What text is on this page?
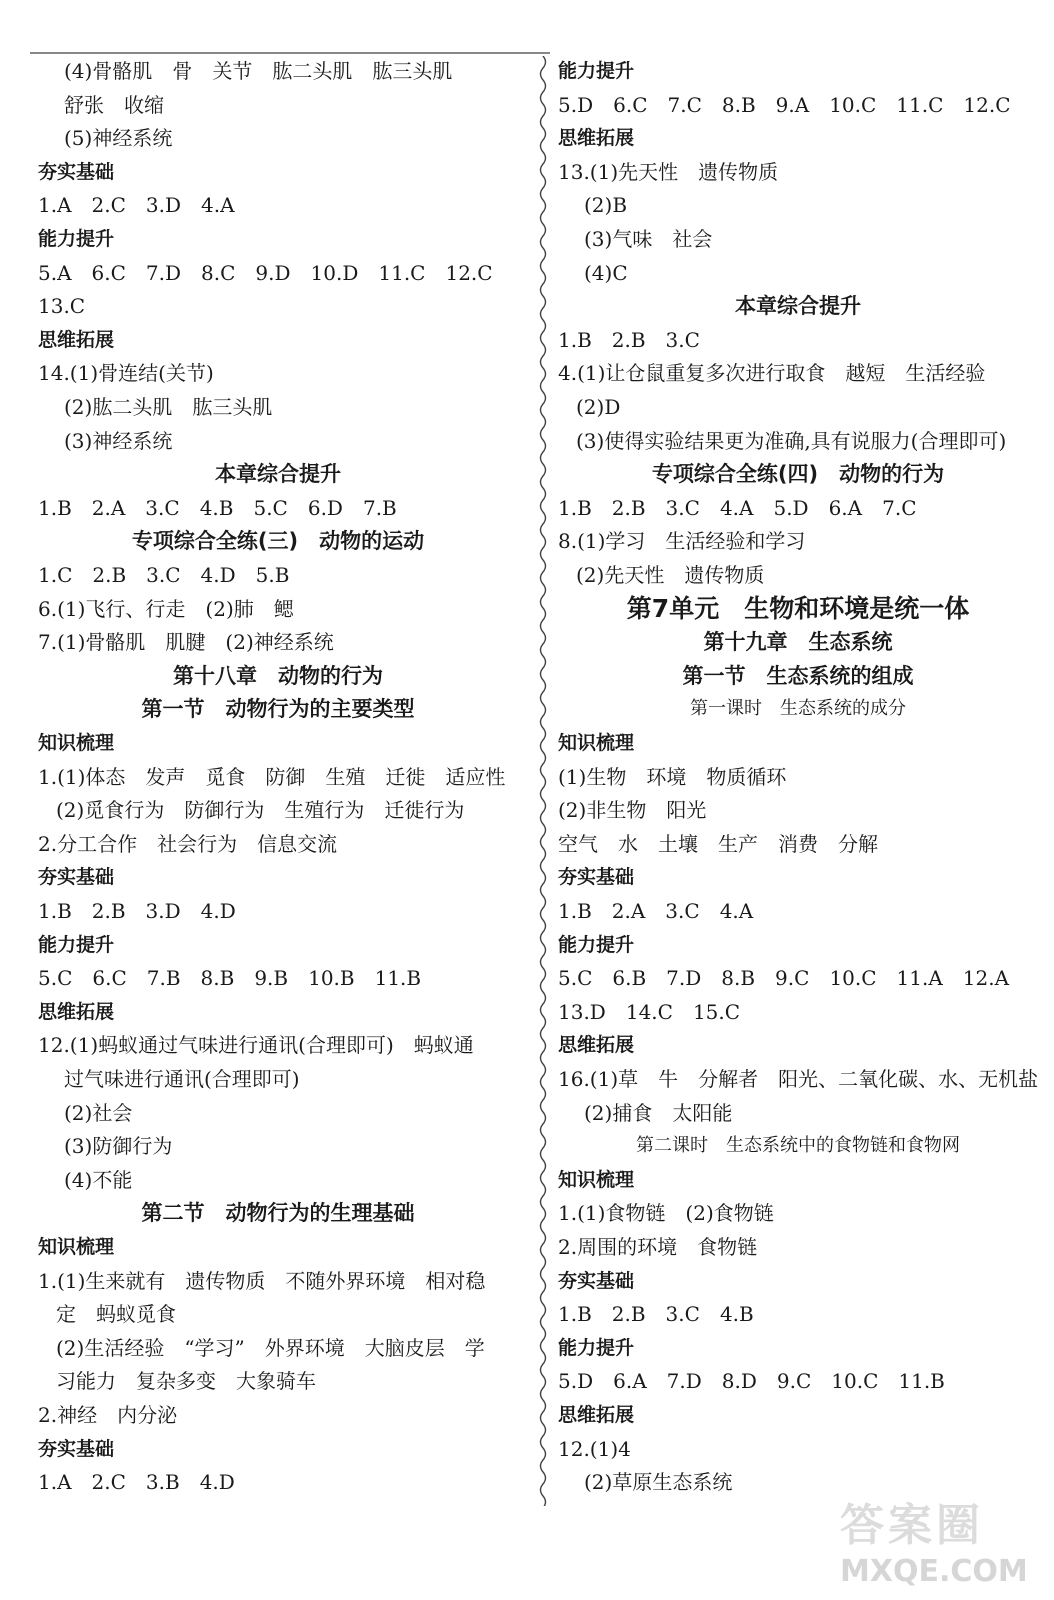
(4)骨骼肌　骨　关节　肱二头肌　肱三头肌
舒张　收缩
(5)神经系统
夯实基础
1.A　2.C　3.D　4.A
能力提升
5.A　6.C　7.D　8.C　9.D　10.D　11.C　12.C
13.C
思维拓展
14.(1)骨连结(关节)
(2)肱二头肌　肱三头肌
(3)神经系统
本章综合提升
1.B　2.A　3.C　4.B　5.C　6.D　7.B
专项综合全练(三)　动物的运动
1.C　2.B　3.C　4.D　5.B
6.(1)飞行、行走　(2)肺　鳃
7.(1)骨骼肌　肌腱　(2)神经系统
第十八章　动物的行为
第一节　动物行为的主要类型
知识梳理
1.(1)体态　发声　觅食　防御　生殖　迁徙　适应性
(2)觅食行为　防御行为　生殖行为　迁徙行为
2.分工合作　社会行为　信息交流
夯实基础
1.B　2.B　3.D　4.D
能力提升
5.C　6.C　7.B　8.B　9.B　10.B　11.B
思维拓展
12.(1)蚂蚁通过气味进行通讯(合理即可)　蚂蚁通
过气味进行通讯(合理即可)
(2)社会
(3)防御行为
(4)不能
第二节　动物行为的生理基础
知识梳理
1.(1)生来就有　遗传物质　不随外界环境　相对稳
定　蚂蚁觅食
(2)生活经验　“学习”　外界环境　大脑皮层　学
习能力　复杂多变　大象骑车
2.神经　内分泌
夯实基础
1.A　2.C　3.B　4.D
能力提升
5.D　6.C　7.C　8.B　9.A　10.C　11.C　12.C
思维拓展
13.(1)先天性　遗传物质
(2)B
(3)气味　社会
(4)C
本章综合提升
1.B　2.B　3.C
4.(1)让仓鼠重复多次进行取食　越短　生活经验
(2)D
(3)使得实验结果更为准确,具有说服力(合理即可)
专项综合全练(四)　动物的行为
1.B　2.B　3.C　4.A　5.D　6.A　7.C
8.(1)学习　生活经验和学习
(2)先天性　遗传物质
第7单元　生物和环境是统一体
第十九章　生态系统
第一节　生态系统的组成
第一课时　生态系统的成分
知识梳理
(1)生物　环境　物质循环
(2)非生物　阳光
空气　水　土壤　生产　消费　分解
夯实基础
1.B　2.A　3.C　4.A
能力提升
5.C　6.B　7.D　8.B　9.C　10.C　11.A　12.A
13.D　14.C　15.C
思维拓展
16.(1)草　牛　分解者　阳光、二氧化碳、水、无机盐
(2)捕食　太阳能
第二课时　生态系统中的食物链和食物网
知识梳理
1.(1)食物链　(2)食物链
2.周围的环境　食物链
夯实基础
1.B　2.B　3.C　4.B
能力提升
5.D　6.A　7.D　8.D　9.C　10.C　11.B
思维拓展
12.(1)4
(2)草原生态系统
答案圈
MXQE.COM
